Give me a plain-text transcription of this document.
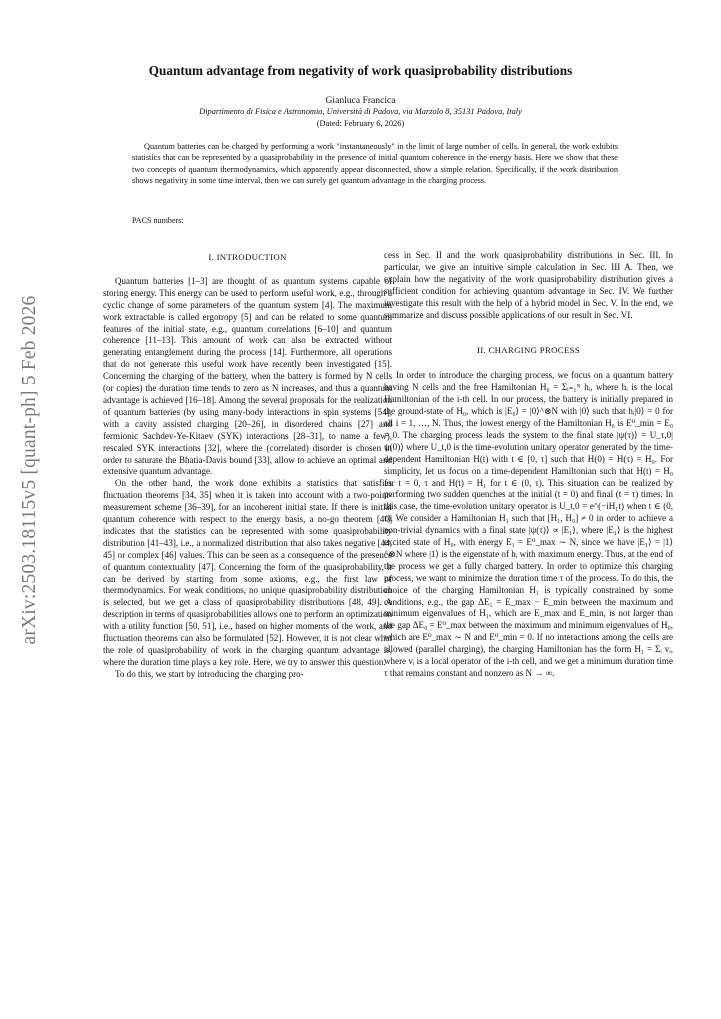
arXiv:2503.18115v5 [quant-ph] 5 Feb 2026
Quantum advantage from negativity of work quasiprobability distributions
Gianluca Francica
Dipartimento di Fisica e Astronomia, Università di Padova, via Marzolo 8, 35131 Padova, Italy
(Dated: February 6, 2026)
Quantum batteries can be charged by performing a work "instantaneously" in the limit of large number of cells. In general, the work exhibits statistics that can be represented by a quasiprobability in the presence of initial quantum coherence in the energy basis. Here we show that these two concepts of quantum thermodynamics, which apparently appear disconnected, show a simple relation. Specifically, if the work distribution shows negativity in some time interval, then we can surely get quantum advantage in the charging process.
PACS numbers:
I. INTRODUCTION

Quantum batteries [1–3] are thought of as quantum systems capable of storing energy. This energy can be used to perform useful work, e.g., through a cyclic change of some parameters of the quantum system [4]. The maximum work extractable is called ergotropy [5] and can be related to some quantum features of the initial state, e.g., quantum correlations [6–10] and quantum coherence [11–13]. This amount of work can also be extracted without generating entanglement during the process [14]. Furthermore, all operations that do not generate this useful work have recently been investigated [15]. Concerning the charging of the battery, when the battery is formed by N cells (or copies) the duration time tends to zero as N increases, and thus a quantum advantage is achieved [16–18]. Among the several proposals for the realization of quantum batteries (by using many-body interactions in spin systems [54], with a cavity assisted charging [20–26], in disordered chains [27] and fermionic Sachdev-Ye-Kitaev (SYK) interactions [28–31], to name a few), rescaled SYK interactions [32], where the (correlated) disorder is chosen in order to saturate the Bhatia-Davis bound [33], allow to achieve an optimal and extensive quantum advantage.

On the other hand, the work done exhibits a statistics that satisfies fluctuation theorems [34, 35] when it is taken into account with a two-point-measurement scheme [36–39], for an incoherent initial state. If there is initial quantum coherence with respect to the energy basis, a no-go theorem [40] indicates that the statistics can be represented with some quasiprobability distribution [41–43], i.e., a normalized distribution that also takes negative [44, 45] or complex [46] values. This can be seen as a consequence of the presence of quantum contextuality [47]. Concerning the form of the quasiprobability, it can be derived by starting from some axioms, e.g., the first law of thermodynamics. For weak conditions, no unique quasiprobability distribution is selected, but we get a class of quasiprobability distributions [48, 49]. A description in terms of quasiprobabilities allows one to perform an optimization with a utility function [50, 51], i.e., based on higher moments of the work, and fluctuation theorems can also be formulated [52]. However, it is not clear what the role of quasiprobability of work in the charging quantum advantage is, where the duration time plays a key role. Here, we try to answer this question.

To do this, we start by introducing the charging pro-

cess in Sec. II and the work quasiprobability distributions in Sec. III. In particular, we give an intuitive simple calculation in Sec. III A. Then, we explain how the negativity of the work quasiprobability distribution gives a sufficient condition for achieving quantum advantage in Sec. IV. We further investigate this result with the help of a hybrid model in Sec. V. In the end, we summarize and discuss possible applications of our result in Sec. VI.

II. CHARGING PROCESS

In order to introduce the charging process, we focus on a quantum battery having N cells and the free Hamiltonian H₀ = Σᵢ₌₁ᴺ hᵢ, where hᵢ is the local Hamiltonian of the i-th cell. In our process, the battery is initially prepared in the ground-state of H₀, which is |E₀⟩ = |0⟩^⊗N with |0⟩ such that hᵢ|0⟩ = 0 for all i = 1, …, N. Thus, the lowest energy of the Hamiltonian H₀ is E⁰_min = E₀ = 0. The charging process leads the system to the final state |ψ(τ)⟩ = U_τ,0|ψ(0)⟩ where U_t,0 is the time-evolution unitary operator generated by the time-dependent Hamiltonian H(t) with t ∈ [0, τ] such that H(0) = H(τ) = H₀. For simplicity, let us focus on a time-dependent Hamiltonian such that H(t) = H₀ for t = 0, τ and H(t) = H₁ for t ∈ (0, τ). This situation can be realized by performing two sudden quenches at the initial (t = 0) and final (t = τ) times. In this case, the time-evolution unitary operator is U_t,0 = e^(−iH₁t) when t ∈ (0, τ). We consider a Hamiltonian H₁ such that [H₁, H₀] ≠ 0 in order to achieve a non-trivial dynamics with a final state |ψ(τ)⟩ ∝ |E₁⟩, where |E₁⟩ is the highest excited state of H₀, with energy E₁ = E⁰_max ∼ N, since we have |E₁⟩ = |1⟩^⊗N where |1⟩ is the eigenstate of hᵢ with maximum energy. Thus, at the end of the process we get a fully charged battery. In order to optimize this charging process, we want to minimize the duration time τ of the process. To do this, the choice of the charging Hamiltonian H₁ is typically constrained by some conditions, e.g., the gap ΔE₁ = E_max − E_min between the maximum and minimum eigenvalues of H₁, which are E_max and E_min, is not larger than the gap ΔE₀ = E⁰_max between the maximum and minimum eigenvalues of H₀, which are E⁰_max ∼ N and E⁰_min = 0. If no interactions among the cells are allowed (parallel charging), the charging Hamiltonian has the form H₁ = Σᵢ vᵢ, where vᵢ is a local operator of the i-th cell, and we get a minimum duration time τ that remains constant and nonzero as N → ∞.
